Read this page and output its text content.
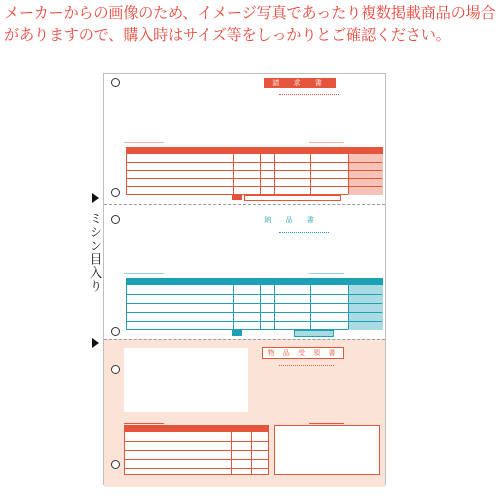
メーカーからの画像のため、イメージ写真であったり複数掲載商品の場合がありますので、購入時はサイズ等をしっかりとご確認ください。
ミシン目入り
請 求 書
納 品 書
物 品 受 領 書
